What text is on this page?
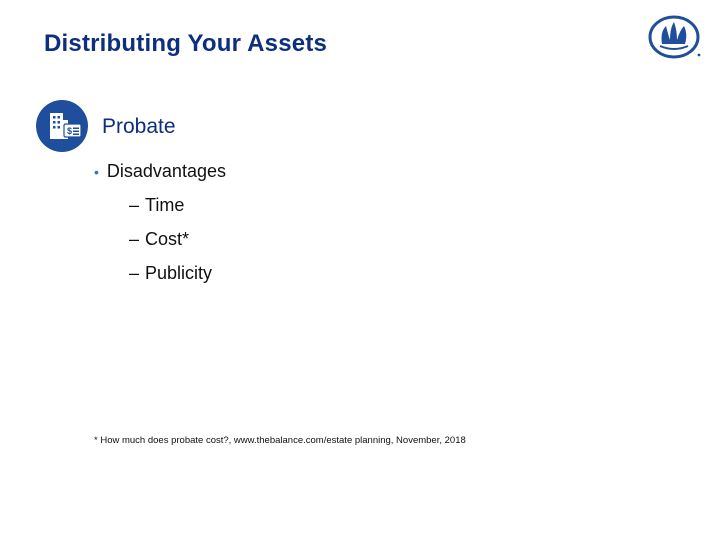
Distributing Your Assets
$ Probate
• Disadvantages
– Time
– Cost*
– Publicity
* How much does probate cost?, www.thebalance.com/estate planning, November, 2018
